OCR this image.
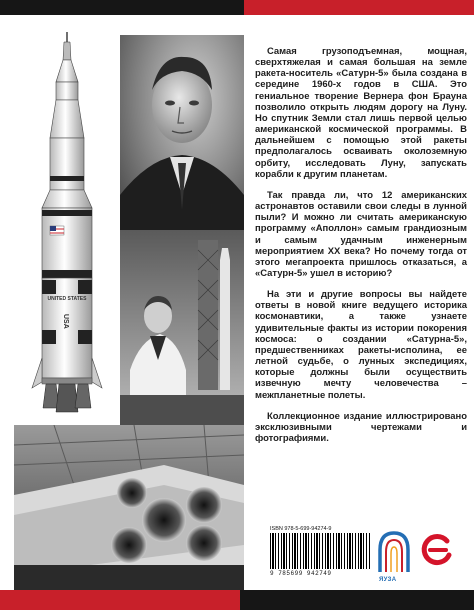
UNITED STATES
USA

Самая грузоподъемная, мощная, сверхтяжелая и самая большая на земле ракета-носитель «Сатурн-5» была создана в середине 1960-х годов в США. Это гениальное творение Вернера фон Брауна позволило открыть людям дорогу на Луну. Но спутник Земли стал лишь первой целью американской космической программы. В дальнейшем с помощью этой ракеты предполагалось осваивать околоземную орбиту, исследовать Луну, запускать корабли к другим планетам.

Так правда ли, что 12 американских астронавтов оставили свои следы в лунной пыли? И можно ли считать американскую программу «Аполлон» самым грандиозным и самым удачным инженерным мероприятием XX века? Но почему тогда от этого мегапроекта пришлось отказаться, а «Сатурн-5» ушел в историю?

На эти и другие вопросы вы найдете ответы в новой книге ведущего историка космонавтики, а также узнаете удивительные факты из истории покорения космоса: о создании «Сатурна-5», предшественниках ракеты-исполина, ее летной судьбе, о лунных экспедициях, которые должны были осуществить извечную мечту человечества – межпланетные полеты.

Коллекционное издание иллюстрировано эксклюзивными чертежами и фотографиями.

ISBN 978-5-699-94274-9
9 785699 942749
ЯУЗА
